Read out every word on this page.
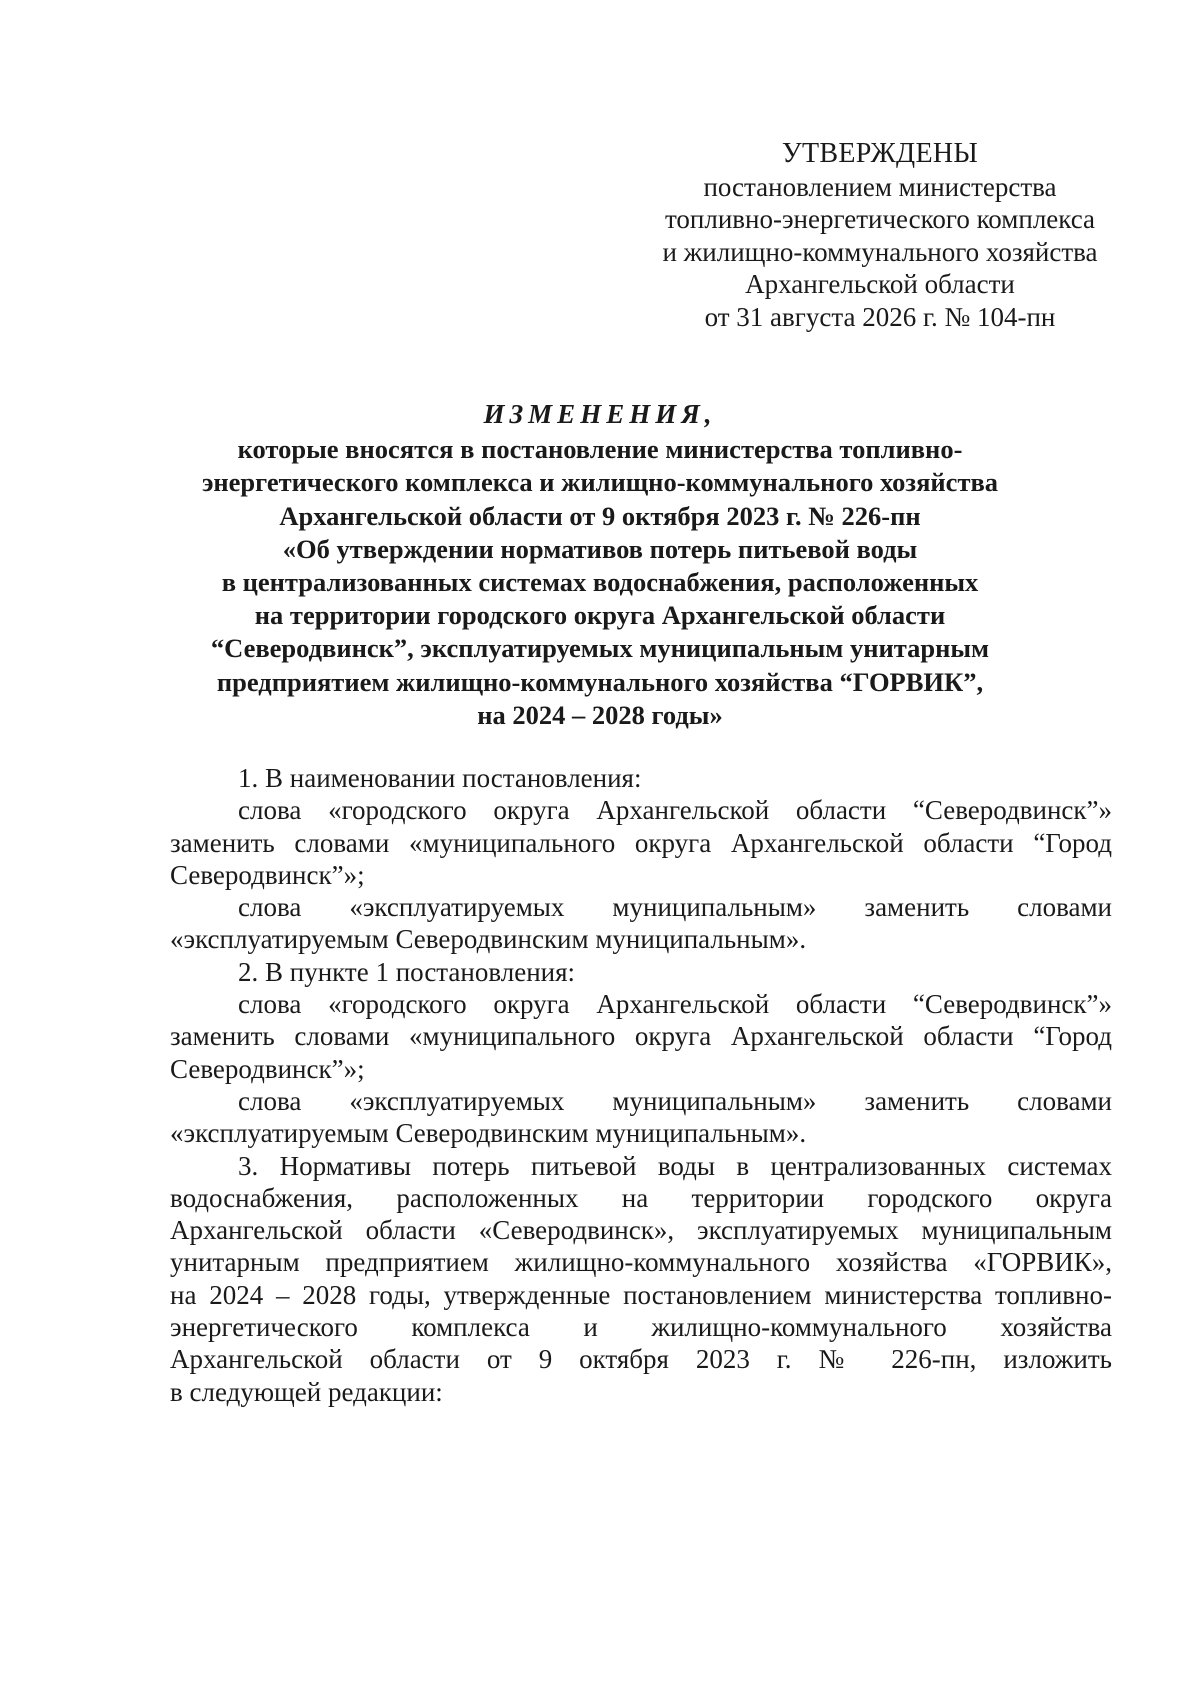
УТВЕРЖДЕНЫ
постановлением министерства
топливно-энергетического комплекса
и жилищно-коммунального хозяйства
Архангельской области
от 31 августа 2026 г. № 104-пн
ИЗМЕНЕНИЯ,
которые вносятся в постановление министерства топливно-
энергетического комплекса и жилищно-коммунального хозяйства
Архангельской области от 9 октября 2023 г. № 226-пн
«Об утверждении нормативов потерь питьевой воды
в централизованных системах водоснабжения, расположенных
на территории городского округа Архангельской области
“Северодвинск”, эксплуатируемых муниципальным унитарным
предприятием жилищно-коммунального хозяйства “ГОРВИК”,
на 2024 – 2028 годы»
1. В наименовании постановления:
слова «городского округа Архангельской области “Северодвинск”»
заменить словами «муниципального округа Архангельской области “Город
Северодвинск”»;
слова «эксплуатируемых муниципальным» заменить словами
«эксплуатируемым Северодвинским муниципальным».
2. В пункте 1 постановления:
слова «городского округа Архангельской области “Северодвинск”»
заменить словами «муниципального округа Архангельской области “Город
Северодвинск”»;
слова «эксплуатируемых муниципальным» заменить словами
«эксплуатируемым Северодвинским муниципальным».
3. Нормативы потерь питьевой воды в централизованных системах
водоснабжения, расположенных на территории городского округа
Архангельской области «Северодвинск», эксплуатируемых муниципальным
унитарным предприятием жилищно-коммунального хозяйства «ГОРВИК»,
на 2024 – 2028 годы, утвержденные постановлением министерства топливно-
энергетического комплекса и жилищно-коммунального хозяйства
Архангельской области от 9 октября 2023 г. № 226-пн, изложить
в следующей редакции:
